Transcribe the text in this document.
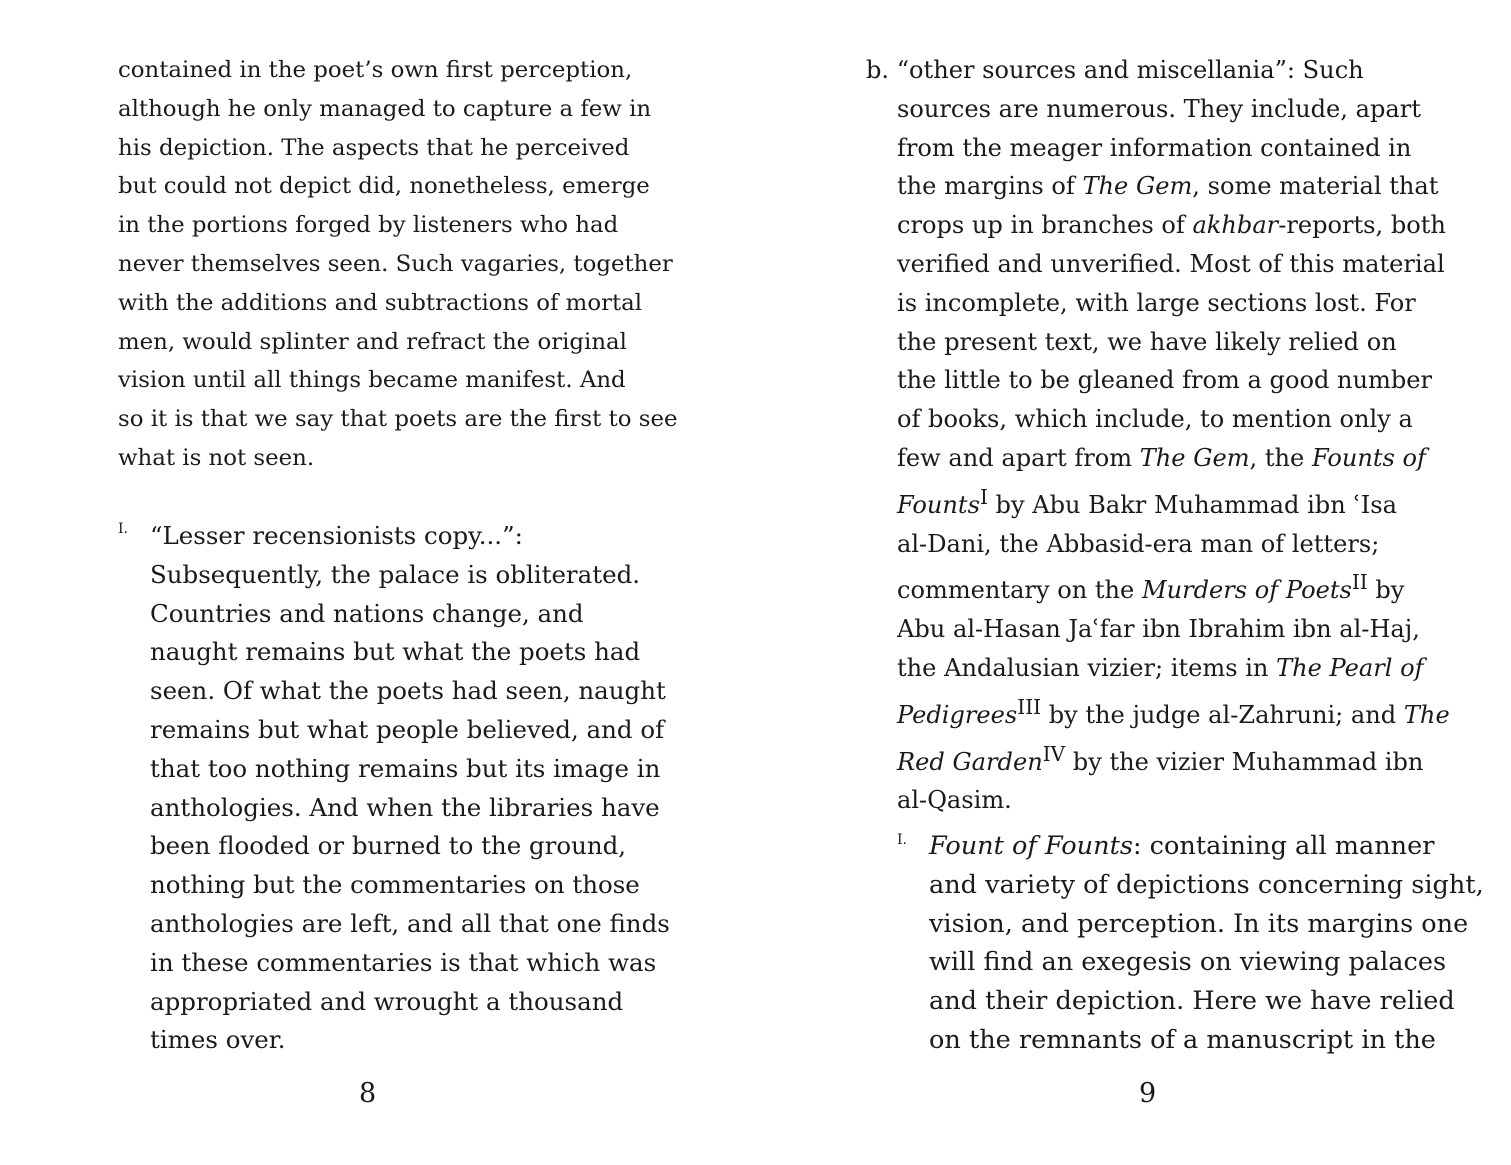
contained in the poet’s own first perception,
although he only managed to capture a few in
his depiction. The aspects that he perceived
but could not depict did, nonetheless, emerge
in the portions forged by listeners who had
never themselves seen. Such vagaries, together
with the additions and subtractions of mortal
men, would splinter and refract the original
vision until all things became manifest. And
so it is that we say that poets are the first to see
what is not seen.
I. “Lesser recensionists copy...”:
Subsequently, the palace is obliterated.
Countries and nations change, and
naught remains but what the poets had
seen. Of what the poets had seen, naught
remains but what people believed, and of
that too nothing remains but its image in
anthologies. And when the libraries have
been flooded or burned to the ground,
nothing but the commentaries on those
anthologies are left, and all that one finds
in these commentaries is that which was
appropriated and wrought a thousand
times over.
8
b. “other sources and miscellania”: Such
sources are numerous. They include, apart
from the meager information contained in
the margins of The Gem, some material that
crops up in branches of akhbar-reports, both
verified and unverified. Most of this material
is incomplete, with large sections lost. For
the present text, we have likely relied on
the little to be gleaned from a good number
of books, which include, to mention only a
few and apart from The Gem, the Founts of
Founts$^I$ by Abu Bakr Muhammad ibn ʿIsa
al-Dani, the Abbasid-era man of letters;
commentary on the Murders of Poets$^{II}$ by
Abu al-Hasan Jaʿfar ibn Ibrahim ibn al-Haj,
the Andalusian vizier; items in The Pearl of
Pedigrees$^{III}$ by the judge al-Zahruni; and The
Red Garden$^{IV}$ by the vizier Muhammad ibn
al-Qasim.
I. Fount of Founts: containing all manner
and variety of depictions concerning sight,
vision, and perception. In its margins one
will find an exegesis on viewing palaces
and their depiction. Here we have relied
on the remnants of a manuscript in the
9
